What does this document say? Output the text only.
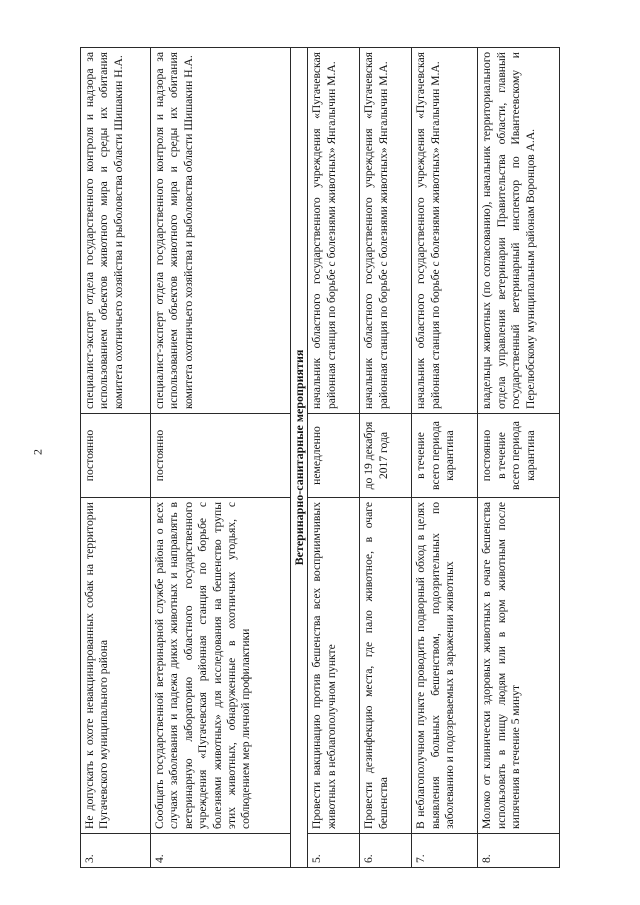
2
3.	Не допускать к охоте невакцинированных собак на территории Пугачевского муниципального района	постоянно	специалист-эксперт отдела государственного контроля и надзора за использованием объектов животного мира и среды их обитания комитета охотничьего хозяйства и рыболовства области Шишакин Н.А.
4.	Сообщать государственной ветеринарной службе района о всех случаях заболевания и падежа диких животных и направлять в ветеринарную лабораторию областного государственного учреждения «Пугачевская районная станция по борьбе с болезнями животных» для исследования на бешенство трупы этих животных, обнаруженные в охотничьих угодьях, с соблюдением мер личной профилактики	постоянно	специалист-эксперт отдела государственного контроля и надзора за использованием объектов животного мира и среды их обитания комитета охотничьего хозяйства и рыболовства области Шишакин Н.А.
Ветеринарно-санитарные мероприятия			
5.	Провести вакцинацию против бешенства всех восприимчивых животных в неблагополучном пункте	немедленно	начальник областного государственного учреждения «Пугачевская районная станция по борьбе с болезнями животных» Янгалычин М.А.
6.	Провести дезинфекцию места, где пало животное, в очаге бешенства	до 19 декабря 2017 года	начальник областного государственного учреждения «Пугачевская районная станция по борьбе с болезнями животных» Янгалычин М.А.
7.	В неблагополучном пункте проводить подворный обход в целях выявления больных бешенством, подозрительных по заболеванию и подозреваемых в заражении животных	в течение всего периода карантина	начальник областного государственного учреждения «Пугачевская районная станция по борьбе с болезнями животных» Янгалычин М.А.
8.	Молоко от клинически здоровых животных в очаге бешенства использовать в пищу людям или в корм животным после кипячения в течение 5 минут	постоянно в течение всего периода карантина	владельцы животных (по согласованию), начальник территориального отдела управления ветеринарии Правительства области, главный государственный ветеринарный инспектор по Ивантеевскому и Перелюбскому муниципальным районам Воронцов А.А.
